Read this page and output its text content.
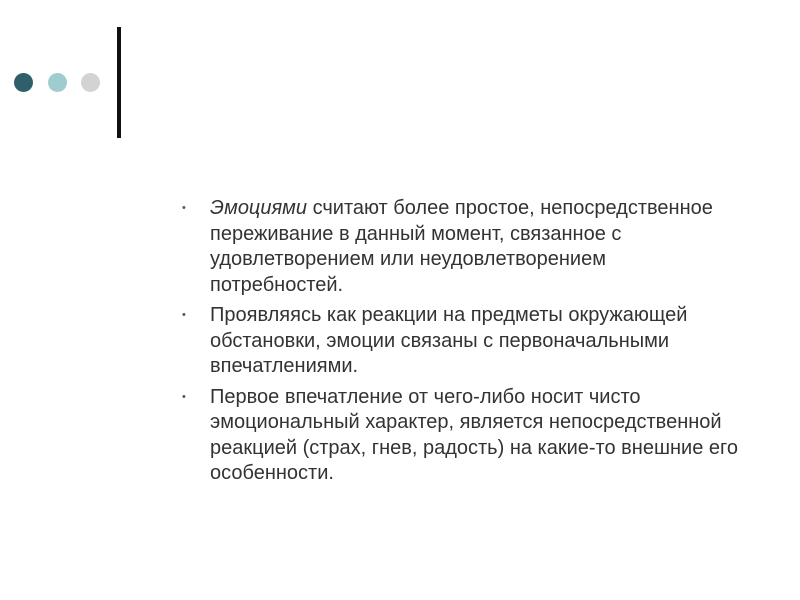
• Эмоциями считают более простое, непосредственное переживание в данный момент, связанное с удовлетворением или неудовлетворением потребностей.

• Проявляясь как реакции на предметы окружающей обстановки, эмоции связаны с первоначальными впечатлениями.

• Первое впечатление от чего-либо носит чисто эмоциональный характер, является непосредственной реакцией (страх, гнев, радость) на какие-то внешние его особенности.
